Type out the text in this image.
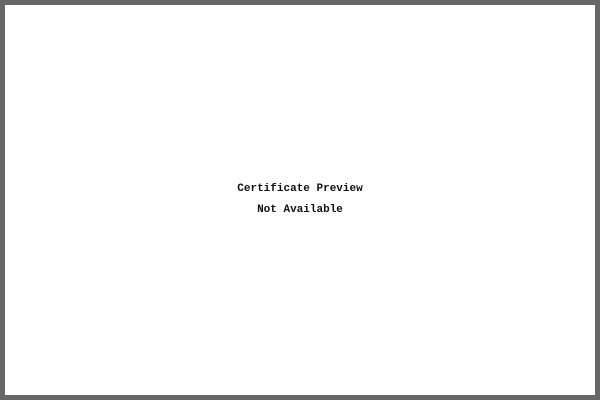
Certificate Preview
Not Available
